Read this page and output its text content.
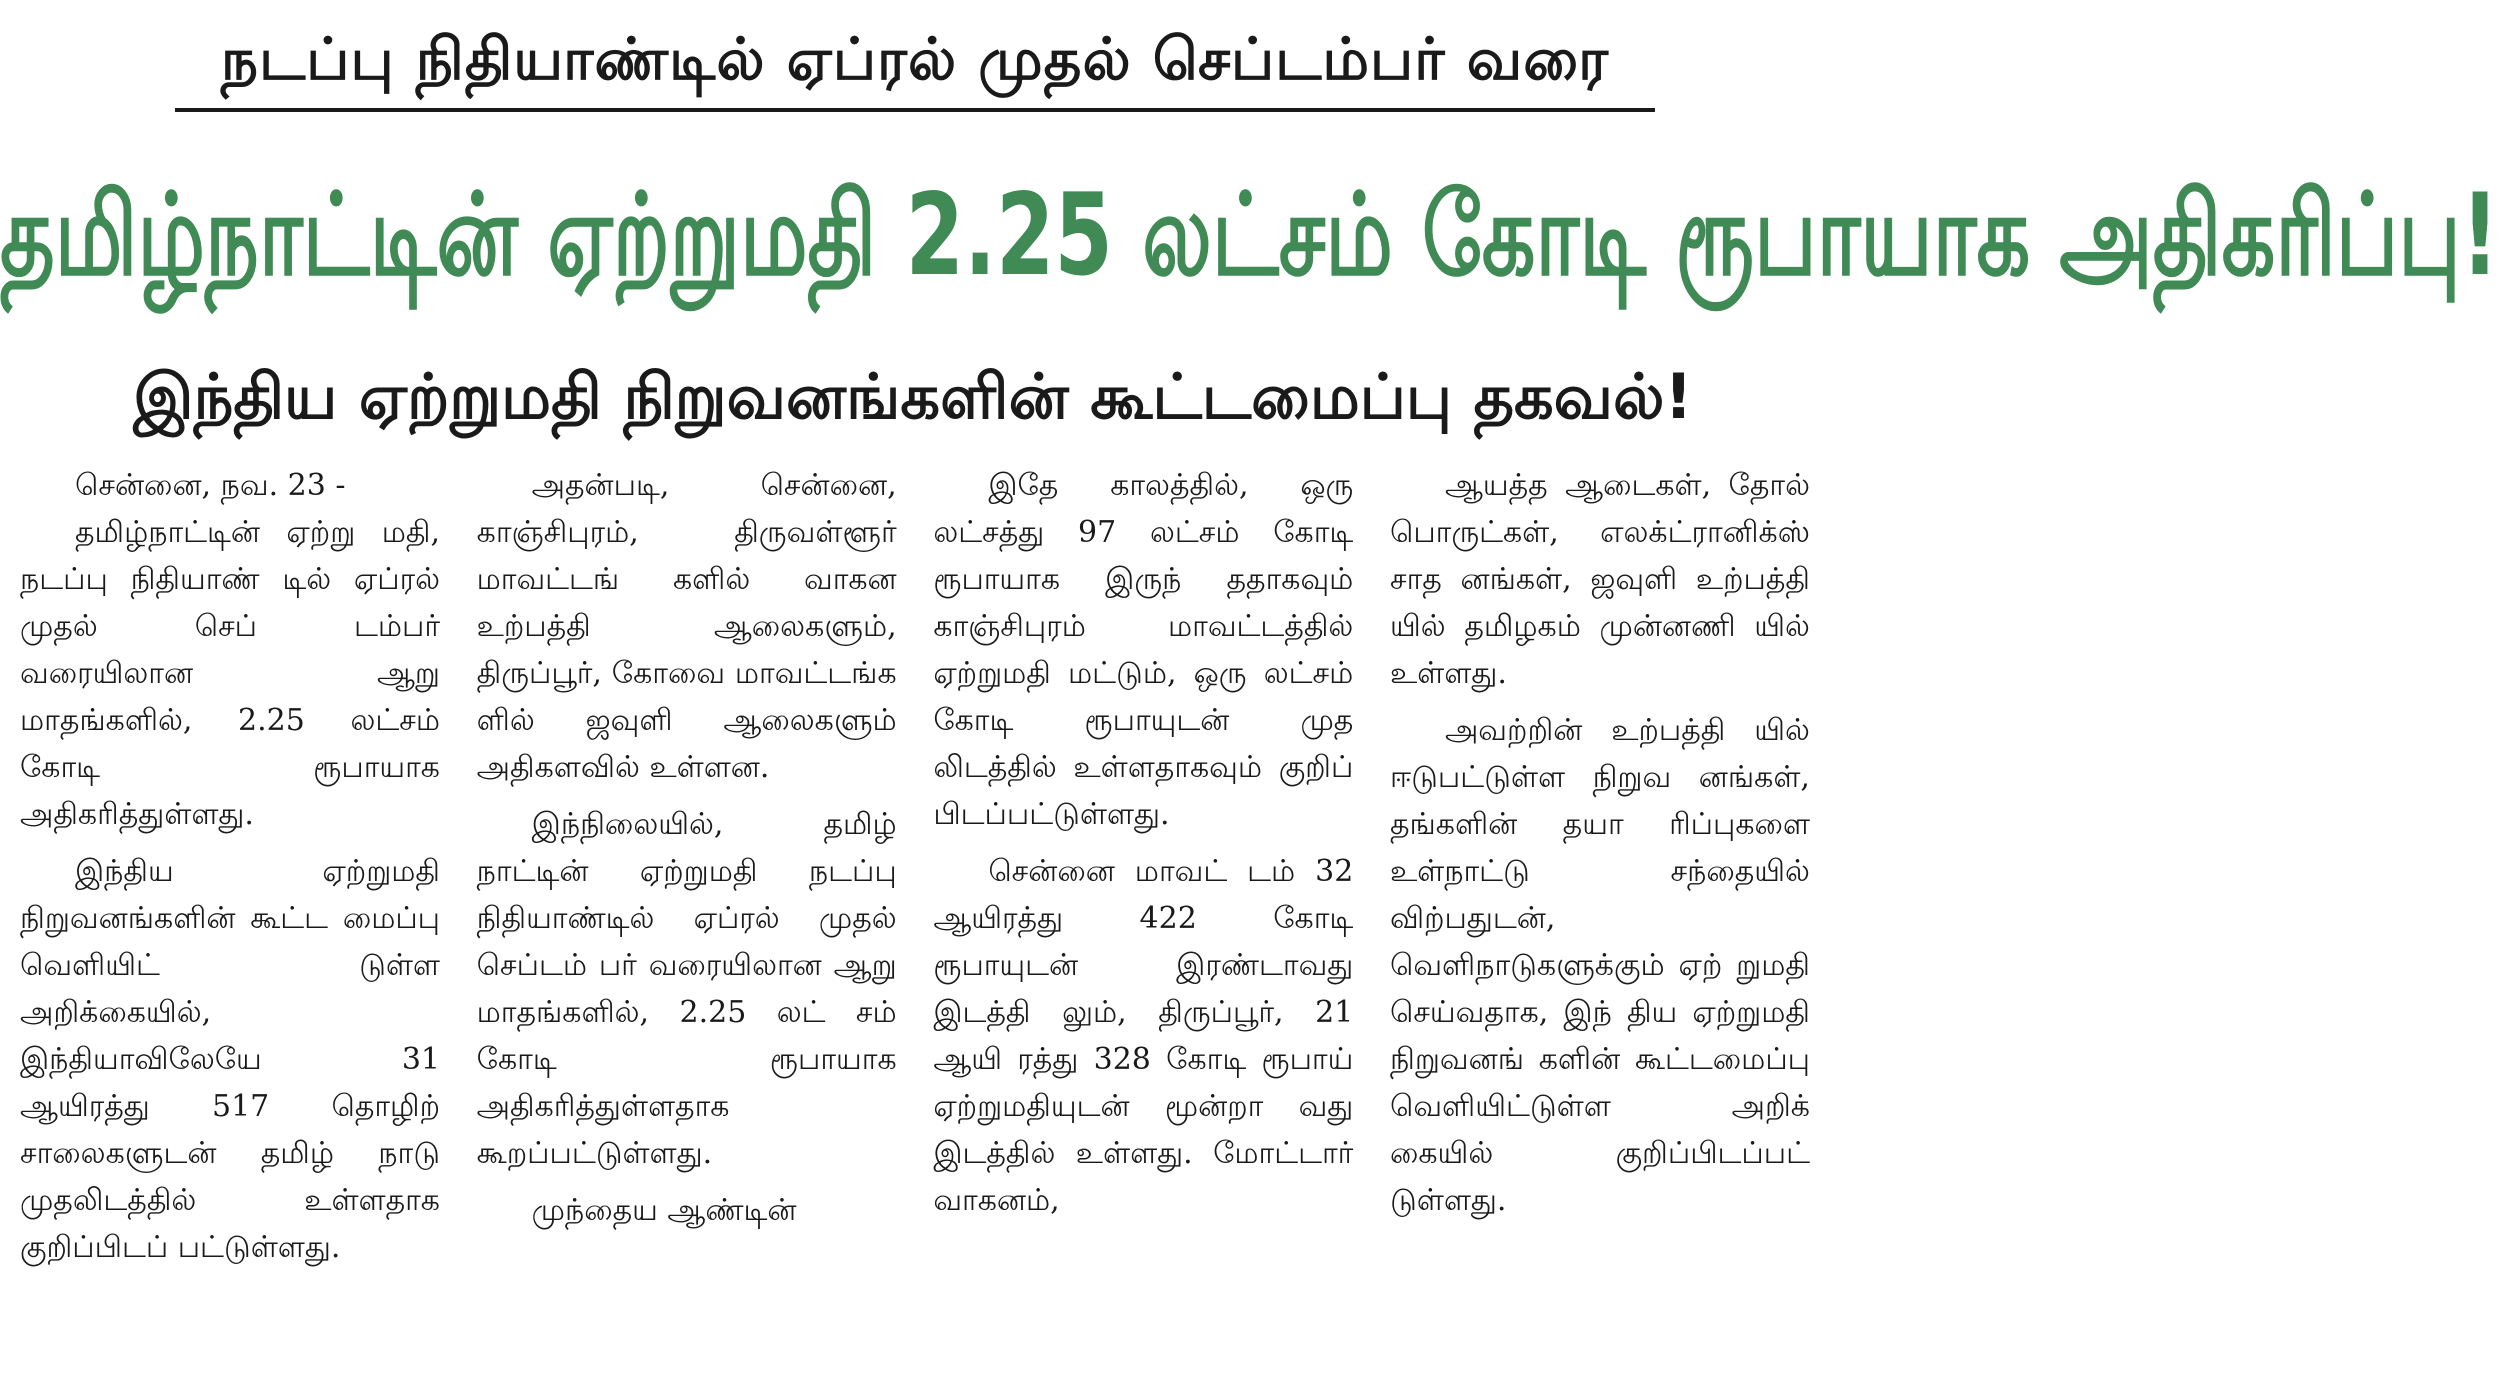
நடப்பு நிதியாண்டில் ஏப்ரல் முதல் செப்டம்பர் வரை
தமிழ்நாட்டின் ஏற்றுமதி 2.25 லட்சம் கோடி ரூபாயாக அதிகரிப்பு!
இந்திய ஏற்றுமதி நிறுவனங்களின் கூட்டமைப்பு தகவல்!

சென்னை, நவ. 23 -

தமிழ்நாட்டின் ஏற்று மதி, நடப்பு நிதியாண் டில் ஏப்ரல் முதல் செப் டம்பர் வரையிலான ஆறு மாதங்களில், 2.25 லட்சம் கோடி ரூபாயாக அதிகரித்துள்ளது.

இந்திய ஏற்றுமதி நிறுவனங்களின் கூட்ட மைப்பு வெளியிட் டுள்ள அறிக்கையில், இந்தியாவிலேயே 31 ஆயிரத்து 517 தொழிற் சாலைகளுடன் தமிழ் நாடு முதலிடத்தில் உள்ளதாக குறிப்பிடப் பட்டுள்ளது.

அதன்படி, சென்னை, காஞ்சிபுரம், திருவள்ளூர் மாவட்டங் களில் வாகன உற்பத்தி ஆலைகளும், திருப்பூர், கோவை மாவட்டங்க ளில் ஜவுளி ஆலைகளும் அதிகளவில் உள்ளன.

இந்நிலையில், தமிழ் நாட்டின் ஏற்றுமதி நடப்பு நிதியாண்டில் ஏப்ரல் முதல் செப்டம் பர் வரையிலான ஆறு மாதங்களில், 2.25 லட் சம் கோடி ரூபாயாக அதிகரித்துள்ளதாக கூறப்பட்டுள்ளது.

முந்தைய ஆண்டின்

இதே காலத்தில், ஒரு லட்சத்து 97 லட்சம் கோடி ரூபாயாக இருந் ததாகவும் காஞ்சிபுரம் மாவட்டத்தில் ஏற்றுமதி மட்டும், ஒரு லட்சம் கோடி ரூபாயுடன் முத லிடத்தில் உள்ளதாகவும் குறிப் பிடப்பட்டுள்ளது.

சென்னை மாவட் டம் 32 ஆயிரத்து 422 கோடி ரூபாயுடன் இரண்டாவது இடத்தி லும், திருப்பூர், 21 ஆயி ரத்து 328 கோடி ரூபாய் ஏற்றுமதியுடன் மூன்றா வது இடத்தில் உள்ளது. மோட்டார் வாகனம்,

ஆயத்த ஆடைகள், தோல் பொருட்கள், எலக்ட்ரானிக்ஸ் சாத னங்கள், ஜவுளி உற்பத்தி யில் தமிழகம் முன்னணி யில் உள்ளது.

அவற்றின் உற்பத்தி யில் ஈடுபட்டுள்ள நிறுவ னங்கள், தங்களின் தயா ரிப்புகளை உள்நாட்டு சந்தையில் விற்பதுடன், வெளிநாடுகளுக்கும் ஏற் றுமதி செய்வதாக, இந் திய ஏற்றுமதி நிறுவனங் களின் கூட்டமைப்பு வெளியிட்டுள்ள அறிக் கையில் குறிப்பிடப்பட் டுள்ளது.
